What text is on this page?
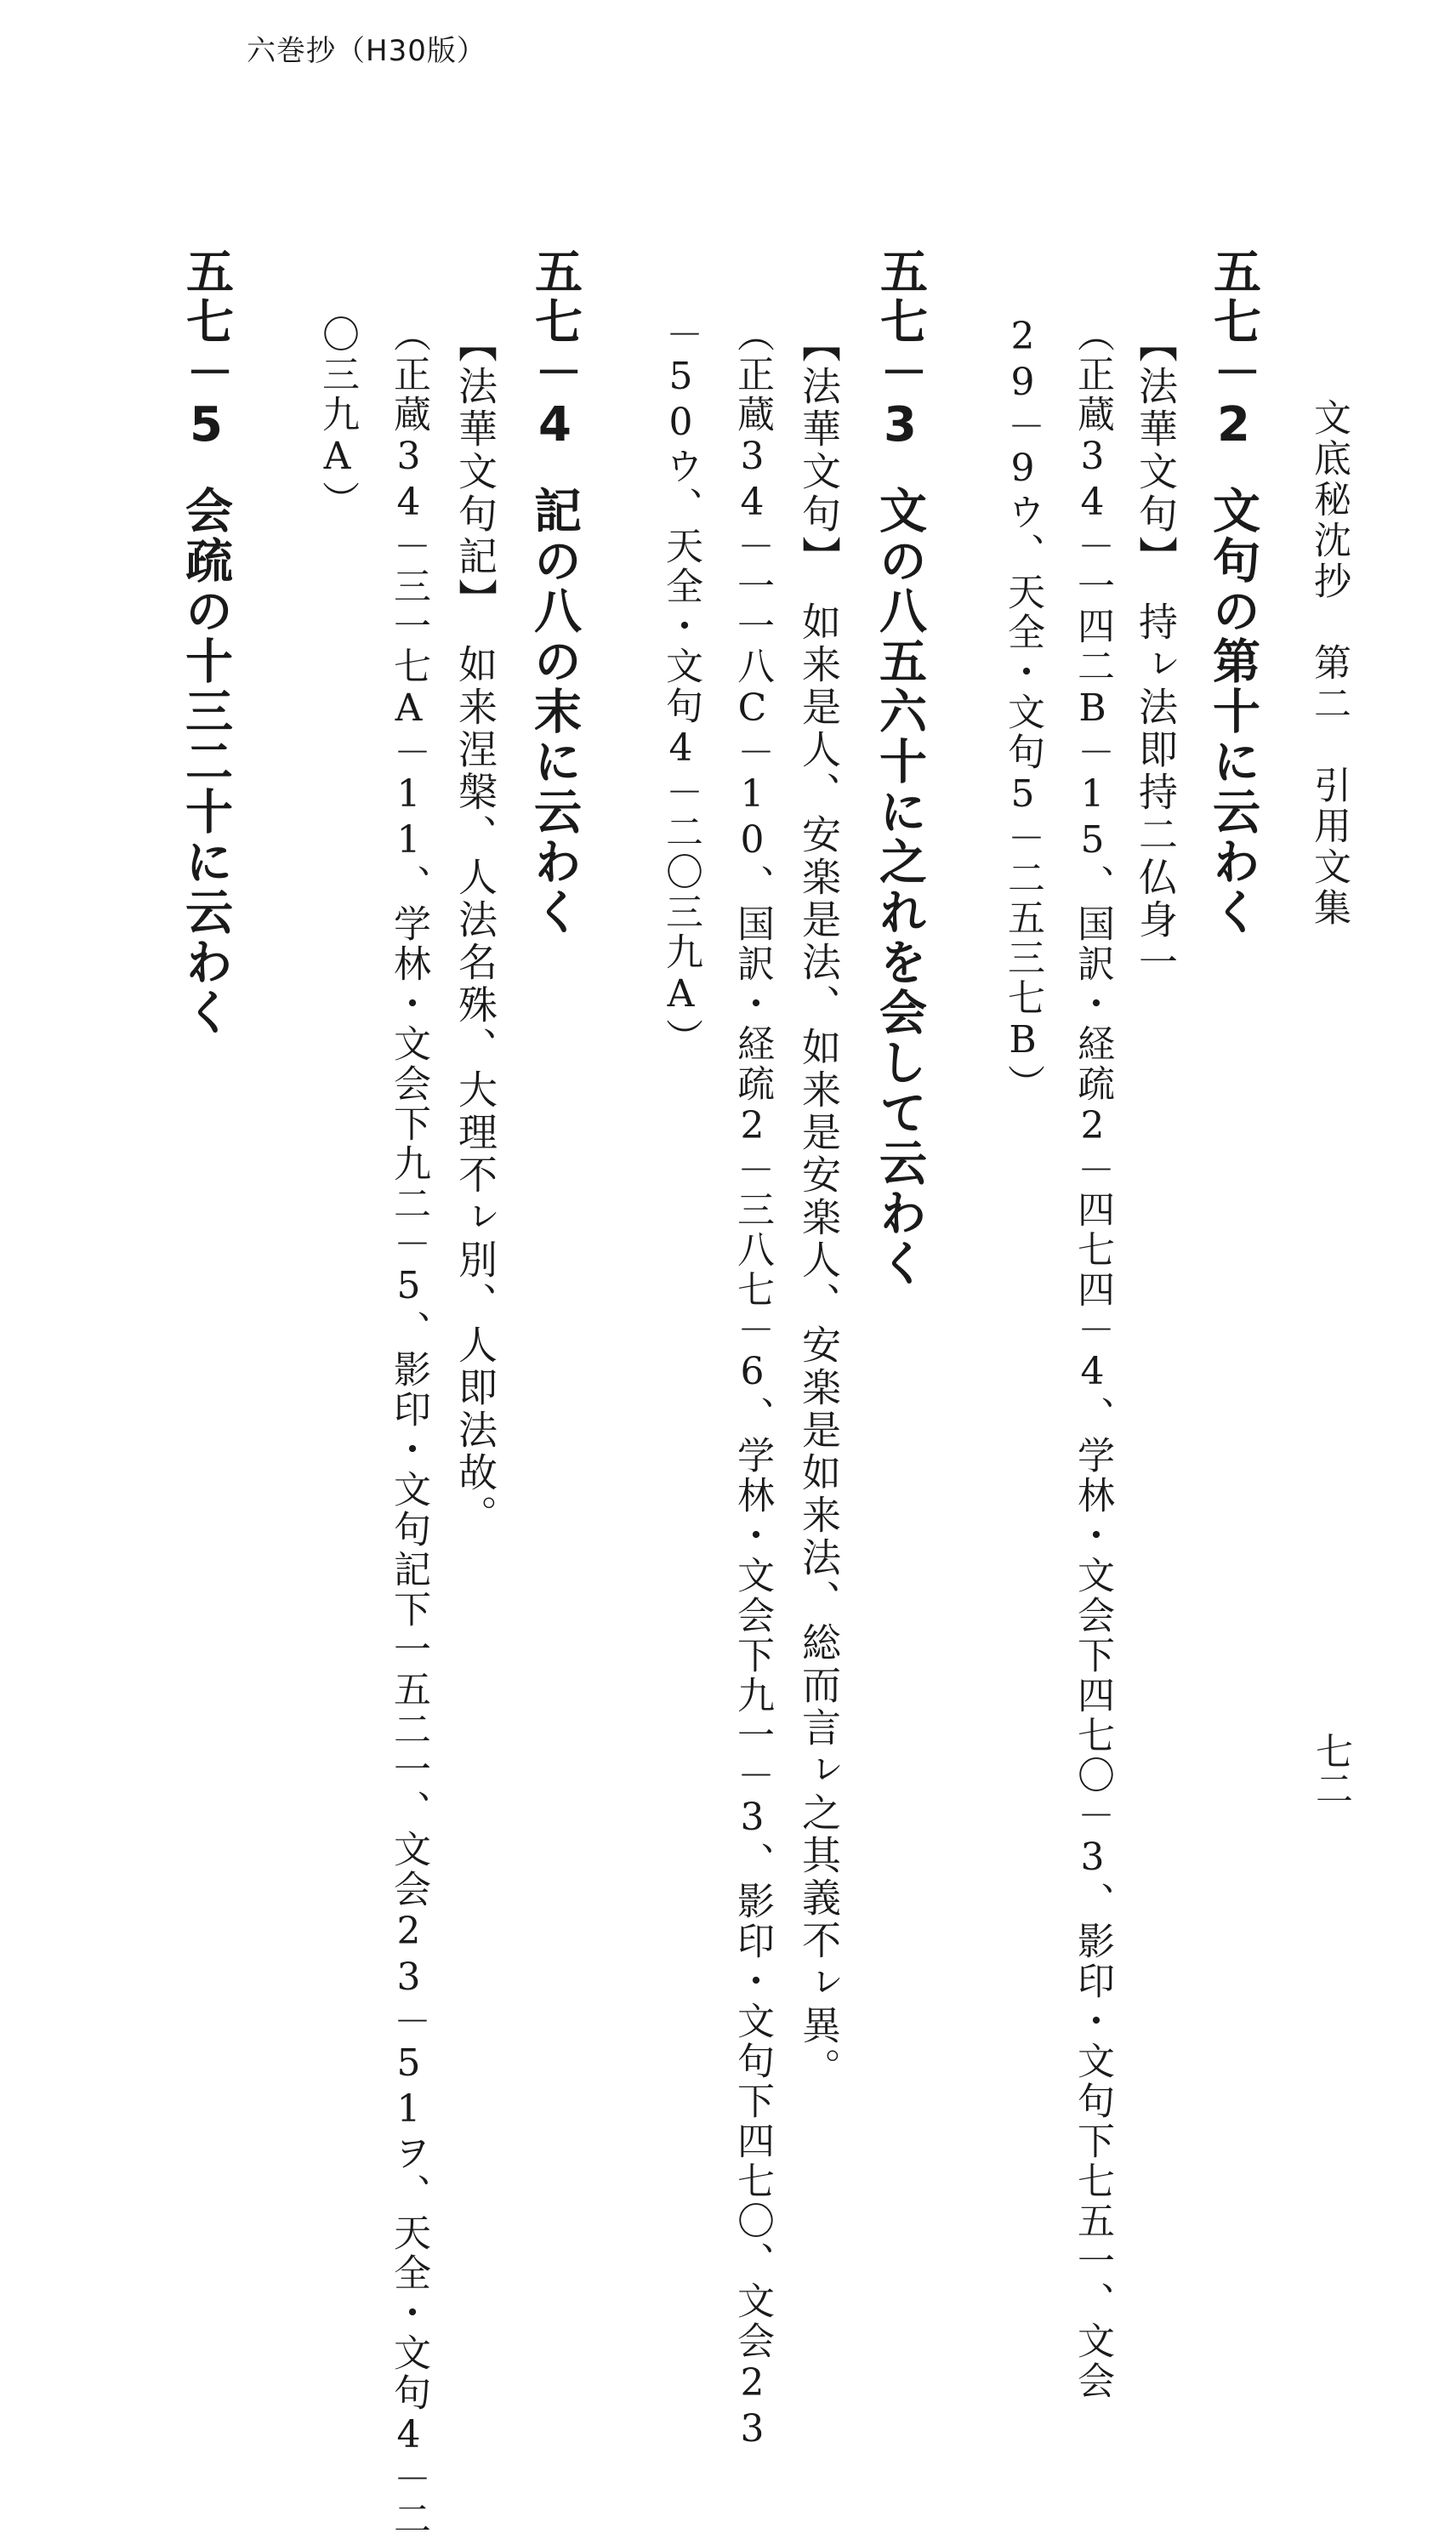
六巻抄（H30版）
文底秘沈抄　第二　引用文集
七二
五七－2文句の第十に云わく
【法華文句】　持ㇾ法即持二仏身一
（正蔵34－一四二B－15、国訳・経疏2－四七四－4、学林・文会下四七〇－3、影印・文句下七五一、文会
29－9ウ、天全・文句5－二五三七B）
五七－3文の八五六十に之れを会して云わく
【法華文句】　如来是人、安楽是法、如来是安楽人、安楽是如来法、総而言ㇾ之其義不ㇾ異。
（正蔵34－一一八C－10、国訳・経疏2－三八七－6、学林・文会下九一－3、影印・文句下四七〇、文会23
－50ウ、天全・文句4－二〇三九A）
五七－4記の八の末に云わく
【法華文句記】　如来涅槃、人法名殊、大理不ㇾ別、人即法故。
（正蔵34－三一七A－11、学林・文会下九二－5、影印・文句記下一五二一、文会23－51ヲ、天全・文句4－二
〇三九A）
五七－5会疏の十三二十に云わく
